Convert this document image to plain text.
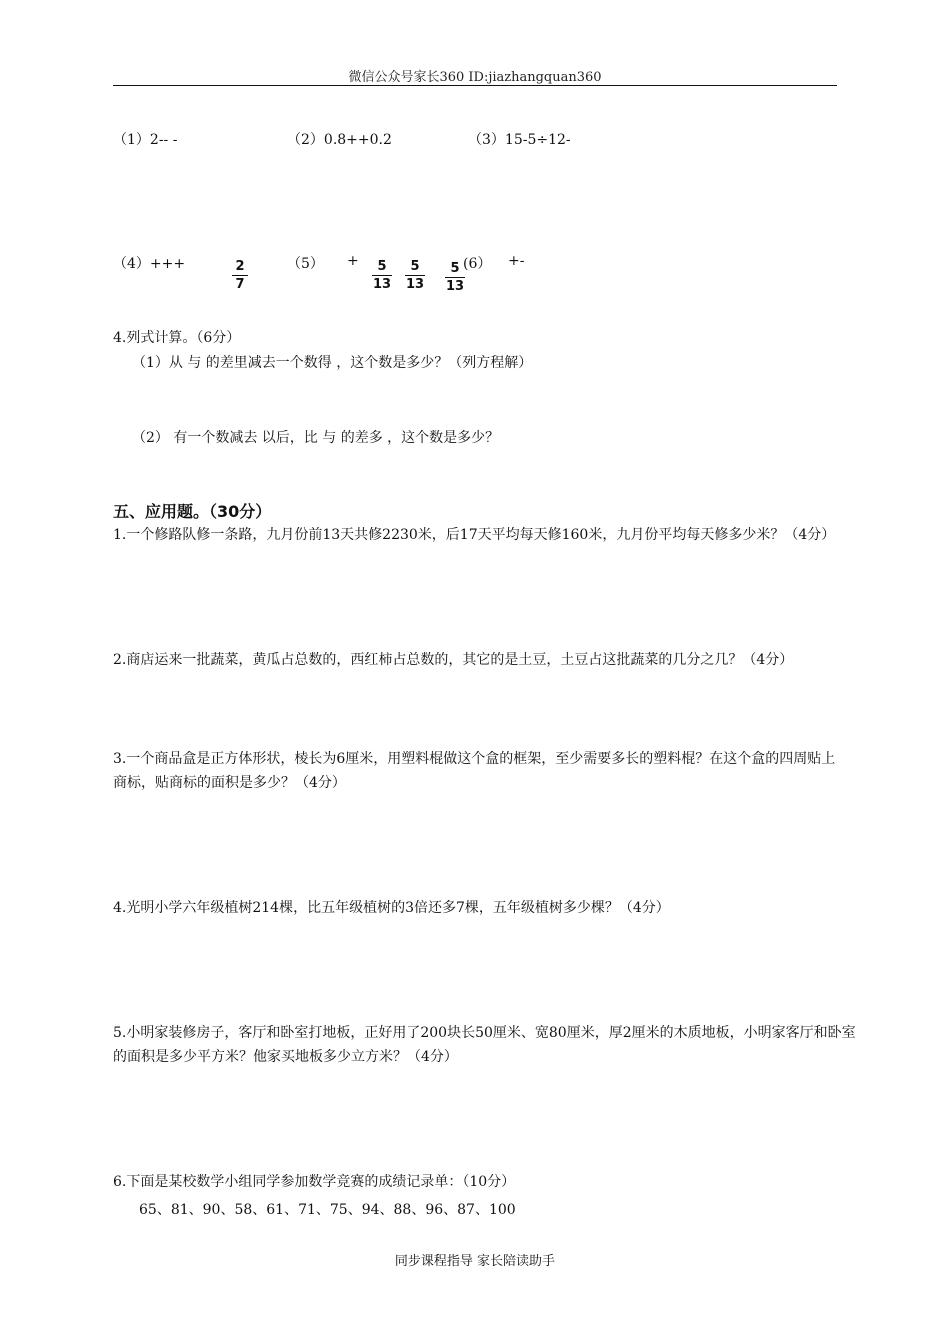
微信公众号家长360 ID:jiazhangquan360
（1）2-- -	（2）0.8++0.2	（3）15-5÷12-
（4）+++	$\frac{2}{7}$	$(5) + \frac{5}{13} \frac{5}{13} \frac{5}{13}$
(6） +-
4.列式计算。（6分）
（1）从 与 的差里减去一个数得 ，这个数是多少？（列方程解）
（2） 有一个数减去 以后，比 与 的差多 ，这个数是多少？
五、应用题。（30分）
1.一个修路队修一条路，九月份前13天共修2230米，后17天平均每天修160米，九月份平均每天修多少米？（4分）
2.商店运来一批蔬菜，黄瓜占总数的，西红柿占总数的，其它的是土豆，土豆占这批蔬菜的几分之几？（4分）
3.一个商品盒是正方体形状，棱长为6厘米，用塑料棍做这个盒的框架，至少需要多长的塑料棍？在这个盒的四周贴上商标，贴商标的面积是多少？（4分）
4.光明小学六年级植树214棵，比五年级植树的3倍还多7棵，五年级植树多少棵？（4分）
5.小明家装修房子，客厅和卧室打地板，正好用了200块长50厘米、宽80厘米，厚2厘米的木质地板，小明家客厅和卧室的面积是多少平方米？他家买地板多少立方米？（4分）
6.下面是某校数学小组同学参加数学竞赛的成绩记录单：（10分）
65、81、90、58、61、71、75、94、88、96、87、100
同步课程指导 家长陪读助手
